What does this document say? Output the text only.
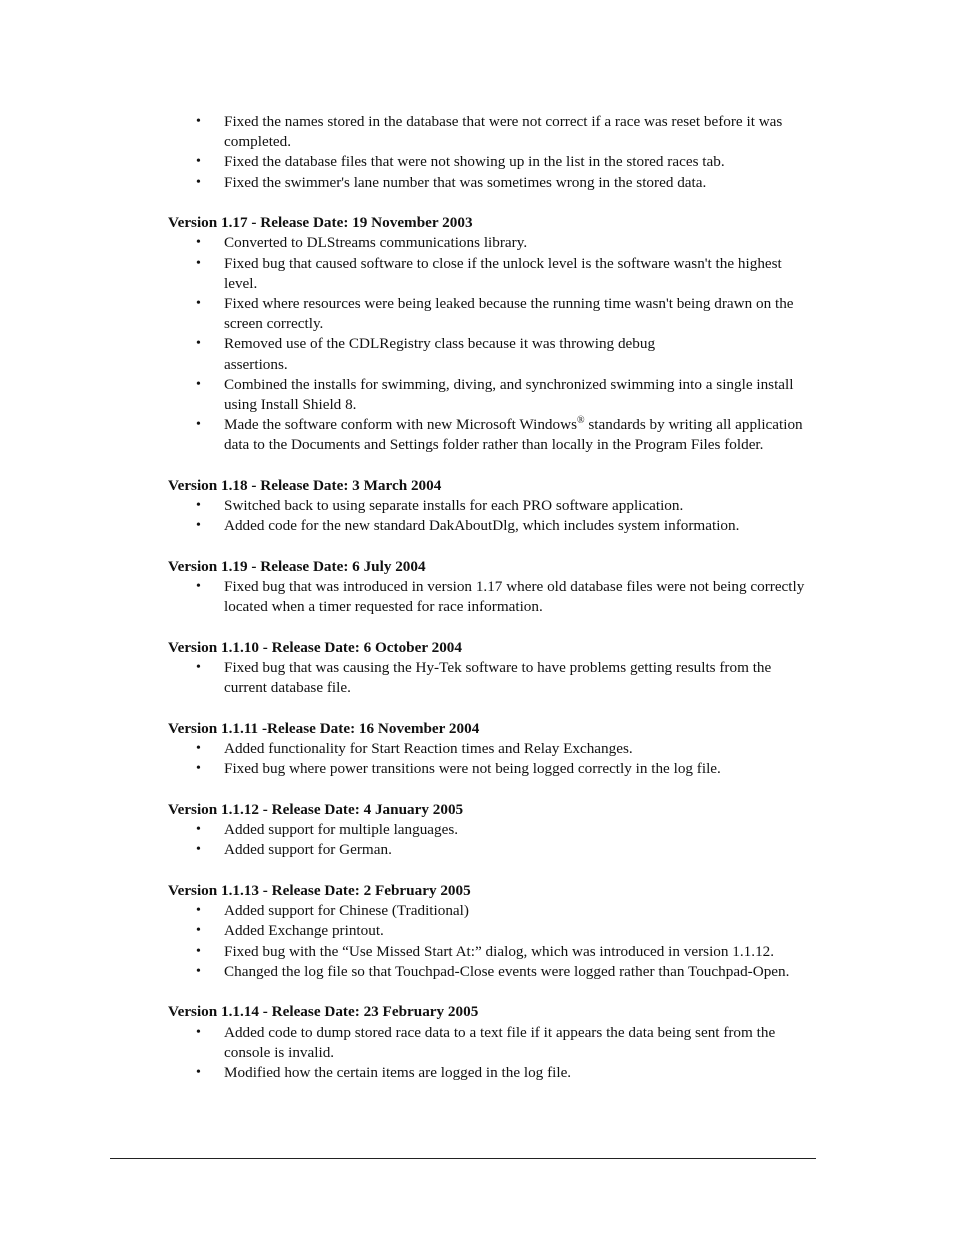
• Fixed the names stored in the database that were not correct if a race was reset before it was completed.
• Fixed the database files that were not showing up in the list in the stored races tab.
• Fixed the swimmer's lane number that was sometimes wrong in the stored data.

Version 1.17 - Release Date: 19 November 2003

• Converted to DLStreams communications library.
• Fixed bug that caused software to close if the unlock level is the software wasn't the highest level.
• Fixed where resources were being leaked because the running time wasn't being drawn on the screen correctly.
• Removed use of the CDLRegistry class because it was throwing debug assertions.
• Combined the installs for swimming, diving, and synchronized swimming into a single install using Install Shield 8.
• Made the software conform with new Microsoft Windows® standards by writing all application data to the Documents and Settings folder rather than locally in the Program Files folder.

Version 1.18 - Release Date: 3 March 2004

• Switched back to using separate installs for each PRO software application.
• Added code for the new standard DakAboutDlg, which includes system information.

Version 1.19 - Release Date: 6 July 2004

• Fixed bug that was introduced in version 1.17 where old database files were not being correctly located when a timer requested for race information.

Version 1.1.10 - Release Date: 6 October 2004

• Fixed bug that was causing the Hy-Tek software to have problems getting results from the current database file.

Version 1.1.11 -Release Date: 16 November 2004

• Added functionality for Start Reaction times and Relay Exchanges.
• Fixed bug where power transitions were not being logged correctly in the log file.

Version 1.1.12 - Release Date: 4 January 2005

• Added support for multiple languages.
• Added support for German.

Version 1.1.13 - Release Date: 2 February 2005

• Added support for Chinese (Traditional)
• Added Exchange printout.
• Fixed bug with the “Use Missed Start At:” dialog, which was introduced in version 1.1.12.
• Changed the log file so that Touchpad-Close events were logged rather than Touchpad-Open.

Version 1.1.14 - Release Date: 23 February 2005

• Added code to dump stored race data to a text file if it appears the data being sent from the console is invalid.
• Modified how the certain items are logged in the log file.
